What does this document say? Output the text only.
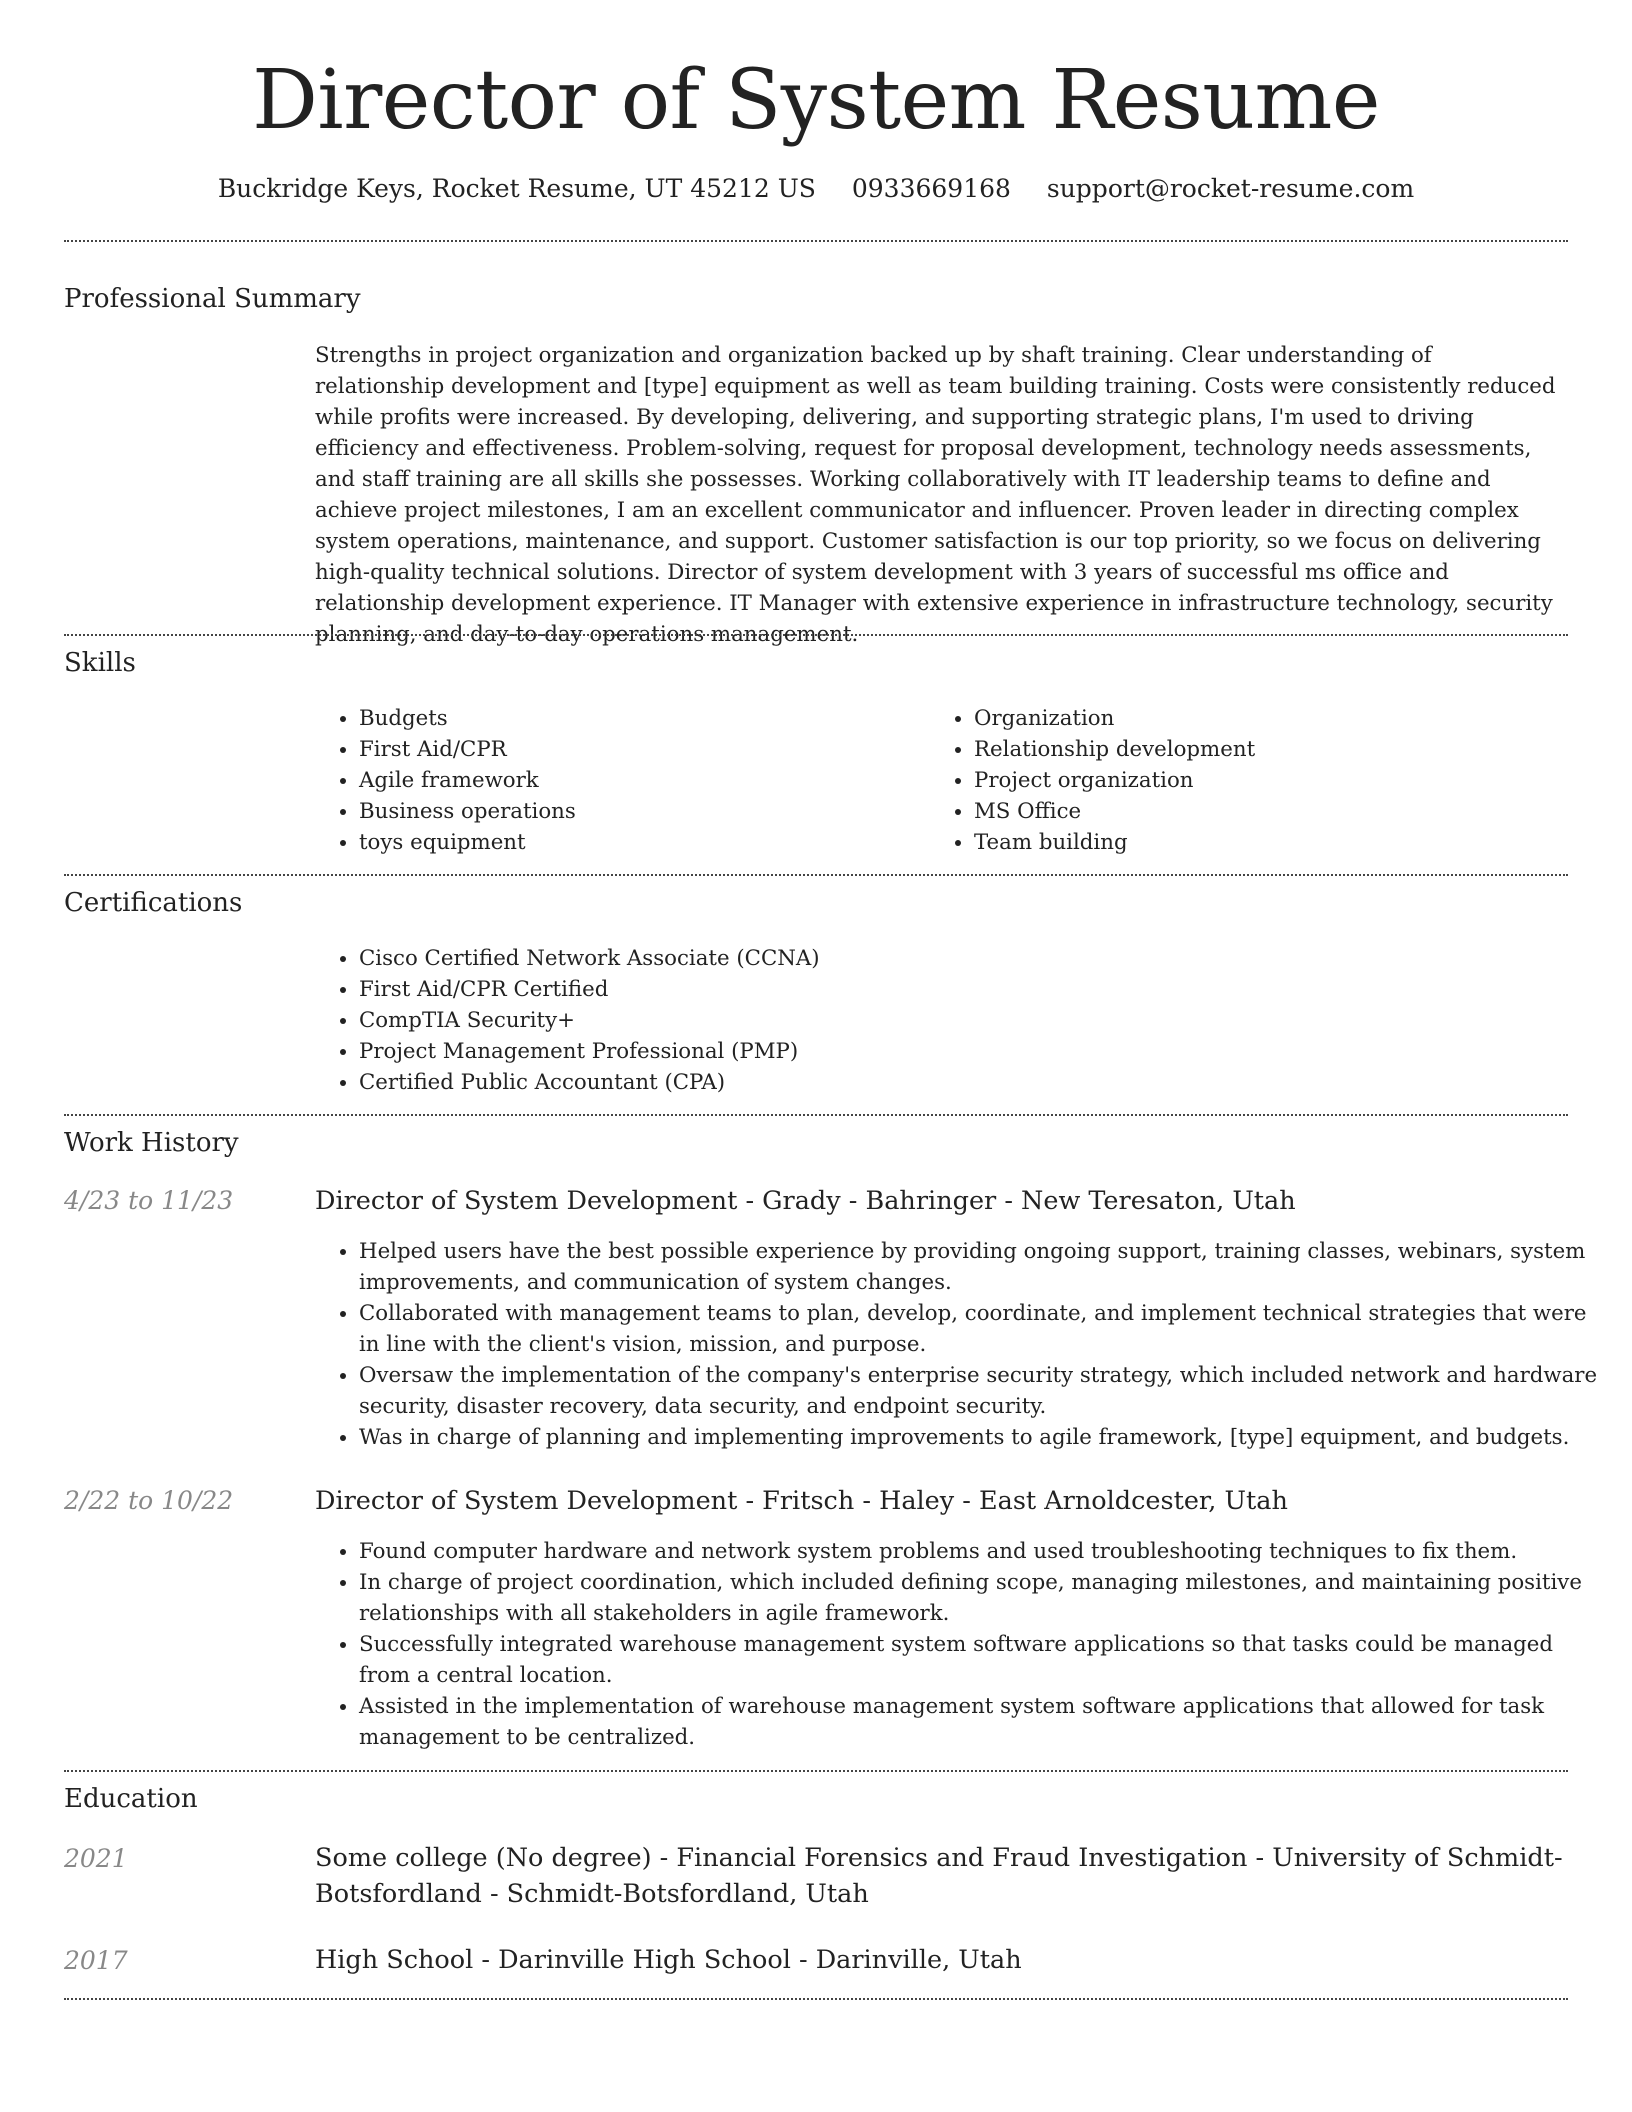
Director of System Resume
Buckridge Keys, Rocket Resume, UT 45212 US 0933669168 support@rocket-resume.com
Professional Summary
Strengths in project organization and organization backed up by shaft training. Clear understanding of relationship development and [type] equipment as well as team building training. Costs were consistently reduced while profits were increased. By developing, delivering, and supporting strategic plans, I'm used to driving efficiency and effectiveness. Problem-solving, request for proposal development, technology needs assessments, and staff training are all skills she possesses. Working collaboratively with IT leadership teams to define and achieve project milestones, I am an excellent communicator and influencer. Proven leader in directing complex system operations, maintenance, and support. Customer satisfaction is our top priority, so we focus on delivering high-quality technical solutions. Director of system development with 3 years of successful ms office and relationship development experience. IT Manager with extensive experience in infrastructure technology, security planning, and day-to-day operations management.
Skills
• Budgets
• First Aid/CPR
• Agile framework
• Business operations
• toys equipment
• Organization
• Relationship development
• Project organization
• MS Office
• Team building
Certifications
• Cisco Certified Network Associate (CCNA)
• First Aid/CPR Certified
• CompTIA Security+
• Project Management Professional (PMP)
• Certified Public Accountant (CPA)
Work History
4/23 to 11/23	Director of System Development - Grady - Bahringer - New Teresaton, Utah
• Helped users have the best possible experience by providing ongoing support, training classes, webinars, system improvements, and communication of system changes.
• Collaborated with management teams to plan, develop, coordinate, and implement technical strategies that were in line with the client's vision, mission, and purpose.
• Oversaw the implementation of the company's enterprise security strategy, which included network and hardware security, disaster recovery, data security, and endpoint security.
• Was in charge of planning and implementing improvements to agile framework, [type] equipment, and budgets.
2/22 to 10/22	Director of System Development - Fritsch - Haley - East Arnoldcester, Utah
• Found computer hardware and network system problems and used troubleshooting techniques to fix them.
• In charge of project coordination, which included defining scope, managing milestones, and maintaining positive relationships with all stakeholders in agile framework.
• Successfully integrated warehouse management system software applications so that tasks could be managed from a central location.
• Assisted in the implementation of warehouse management system software applications that allowed for task management to be centralized.
Education
2021	Some college (No degree) - Financial Forensics and Fraud Investigation - University of Schmidt-Botsfordland - Schmidt-Botsfordland, Utah
2017	High School - Darinville High School - Darinville, Utah
